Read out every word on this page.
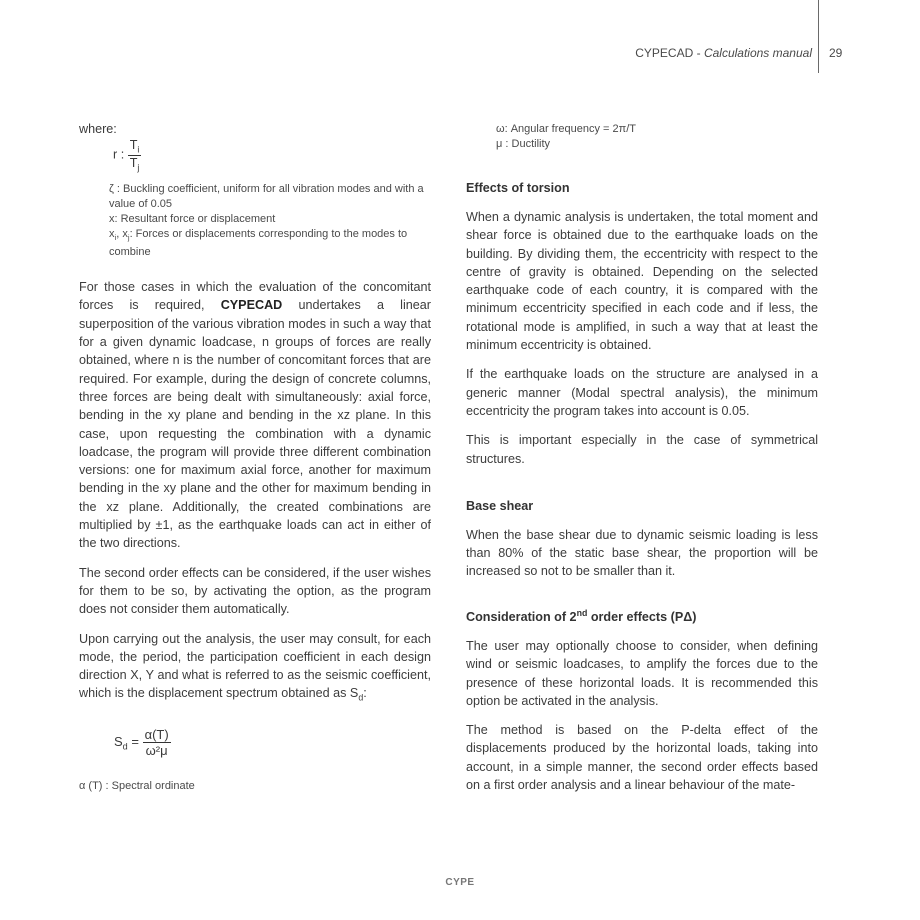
CYPECAD - Calculations manual 29
where:
r : $\frac{T_i}{T_j}$
ζ : Buckling coefficient, uniform for all vibration modes and with a value of 0.05
x: Resultant force or displacement
$x_i$, $x_j$: Forces or displacements corresponding to the modes to combine

For those cases in which the evaluation of the concomitant forces is required, CYPECAD undertakes a linear superposition of the various vibration modes in such a way that for a given dynamic loadcase, n groups of forces are really obtained, where n is the number of concomitant forces that are required. For example, during the design of concrete columns, three forces are being dealt with simultaneously: axial force, bending in the xy plane and bending in the xz plane. In this case, upon requesting the combination with a dynamic loadcase, the program will provide three different combination versions: one for maximum axial force, another for maximum bending in the xy plane and the other for maximum bending in the xz plane. Additionally, the created combinations are multiplied by ±1, as the earthquake loads can act in either of the two directions.

The second order effects can be considered, if the user wishes for them to be so, by activating the option, as the program does not consider them automatically.

Upon carrying out the analysis, the user may consult, for each mode, the period, the participation coefficient in each design direction X, Y and what is referred to as the seismic coefficient, which is the displacement spectrum obtained as $S_d$:

$S_d = \frac{\alpha(T)}{\text{ω²μ}}$
α (T) : Spectral ordinate
ω: Angular frequency = 2π/T
μ : Ductility
Effects of torsion

When a dynamic analysis is undertaken, the total moment and shear force is obtained due to the earthquake loads on the building. By dividing them, the eccentricity with respect to the centre of gravity is obtained. Depending on the selected earthquake code of each country, it is compared with the minimum eccentricity specified in each code and if less, the rotational mode is amplified, in such a way that at least the minimum eccentricity is obtained.

If the earthquake loads on the structure are analysed in a generic manner (Modal spectral analysis), the minimum eccentricity the program takes into account is 0.05.

This is important especially in the case of symmetrical structures.

Base shear

When the base shear due to dynamic seismic loading is less than 80% of the static base shear, the proportion will be increased so not to be smaller than it.

Consideration of 2nd order effects (PΔ)

The user may optionally choose to consider, when defining wind or seismic loadcases, to amplify the forces due to the presence of these horizontal loads. It is recommended this option be activated in the analysis.

The method is based on the P-delta effect of the displacements produced by the horizontal loads, taking into account, in a simple manner, the second order effects based on a first order analysis and a linear behaviour of the mate-

CYPE
